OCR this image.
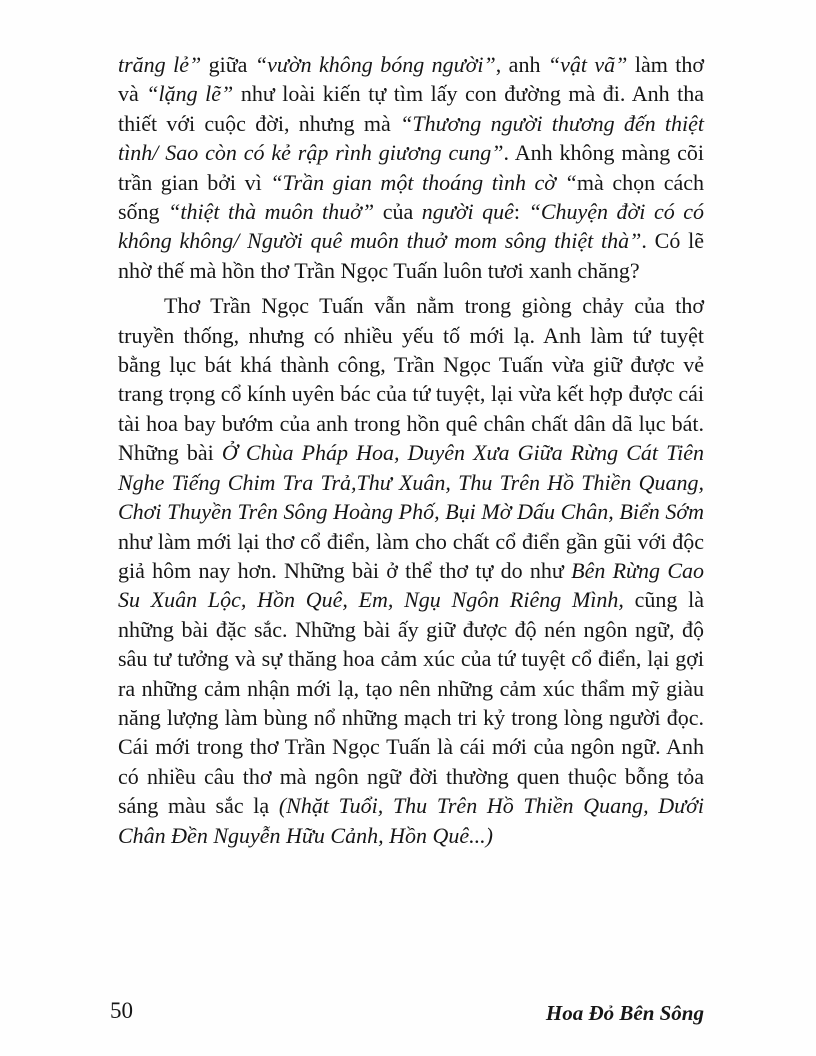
trăng lẻ” giữa “vườn không bóng người”, anh “vật vã” làm thơ và “lặng lẽ” như loài kiến tự tìm lấy con đường mà đi. Anh tha thiết với cuộc đời, nhưng mà “Thương người thương đến thiệt tình/ Sao còn có kẻ rập rình giương cung”. Anh không màng cõi trần gian bởi vì “Trần gian một thoáng tình cờ “mà chọn cách sống “thiệt thà muôn thuở” của người quê: “Chuyện đời có có không không/ Người quê muôn thuở mom sông thiệt thà”. Có lẽ nhờ thế mà hồn thơ Trần Ngọc Tuấn luôn tươi xanh chăng?

Thơ Trần Ngọc Tuấn vẫn nằm trong giòng chảy của thơ truyền thống, nhưng có nhiều yếu tố mới lạ. Anh làm tứ tuyệt bằng lục bát khá thành công, Trần Ngọc Tuấn vừa giữ được vẻ trang trọng cổ kính uyên bác của tứ tuyệt, lại vừa kết hợp được cái tài hoa bay bướm của anh trong hồn quê chân chất dân dã lục bát. Những bài Ở Chùa Pháp Hoa, Duyên Xưa Giữa Rừng Cát Tiên Nghe Tiếng Chim Tra Trả,Thư Xuân, Thu Trên Hồ Thiền Quang, Chơi Thuyền Trên Sông Hoàng Phố, Bụi Mờ Dấu Chân, Biển Sớm như làm mới lại thơ cổ điển, làm cho chất cổ điển gần gũi với độc giả hôm nay hơn. Những bài ở thể thơ tự do như Bên Rừng Cao Su Xuân Lộc, Hồn Quê, Em, Ngụ Ngôn Riêng Mình, cũng là những bài đặc sắc. Những bài ấy giữ được độ nén ngôn ngữ, độ sâu tư tưởng và sự thăng hoa cảm xúc của tứ tuyệt cổ điển, lại gợi ra những cảm nhận mới lạ, tạo nên những cảm xúc thẩm mỹ giàu năng lượng làm bùng nổ những mạch tri kỷ trong lòng người đọc. Cái mới trong thơ Trần Ngọc Tuấn là cái mới của ngôn ngữ. Anh có nhiều câu thơ mà ngôn ngữ đời thường quen thuộc bỗng tỏa sáng màu sắc lạ (Nhặt Tuổi, Thu Trên Hồ Thiền Quang, Dưới Chân Đền Nguyễn Hữu Cảnh, Hồn Quê...)

50	Hoa Đỏ Bên Sông
